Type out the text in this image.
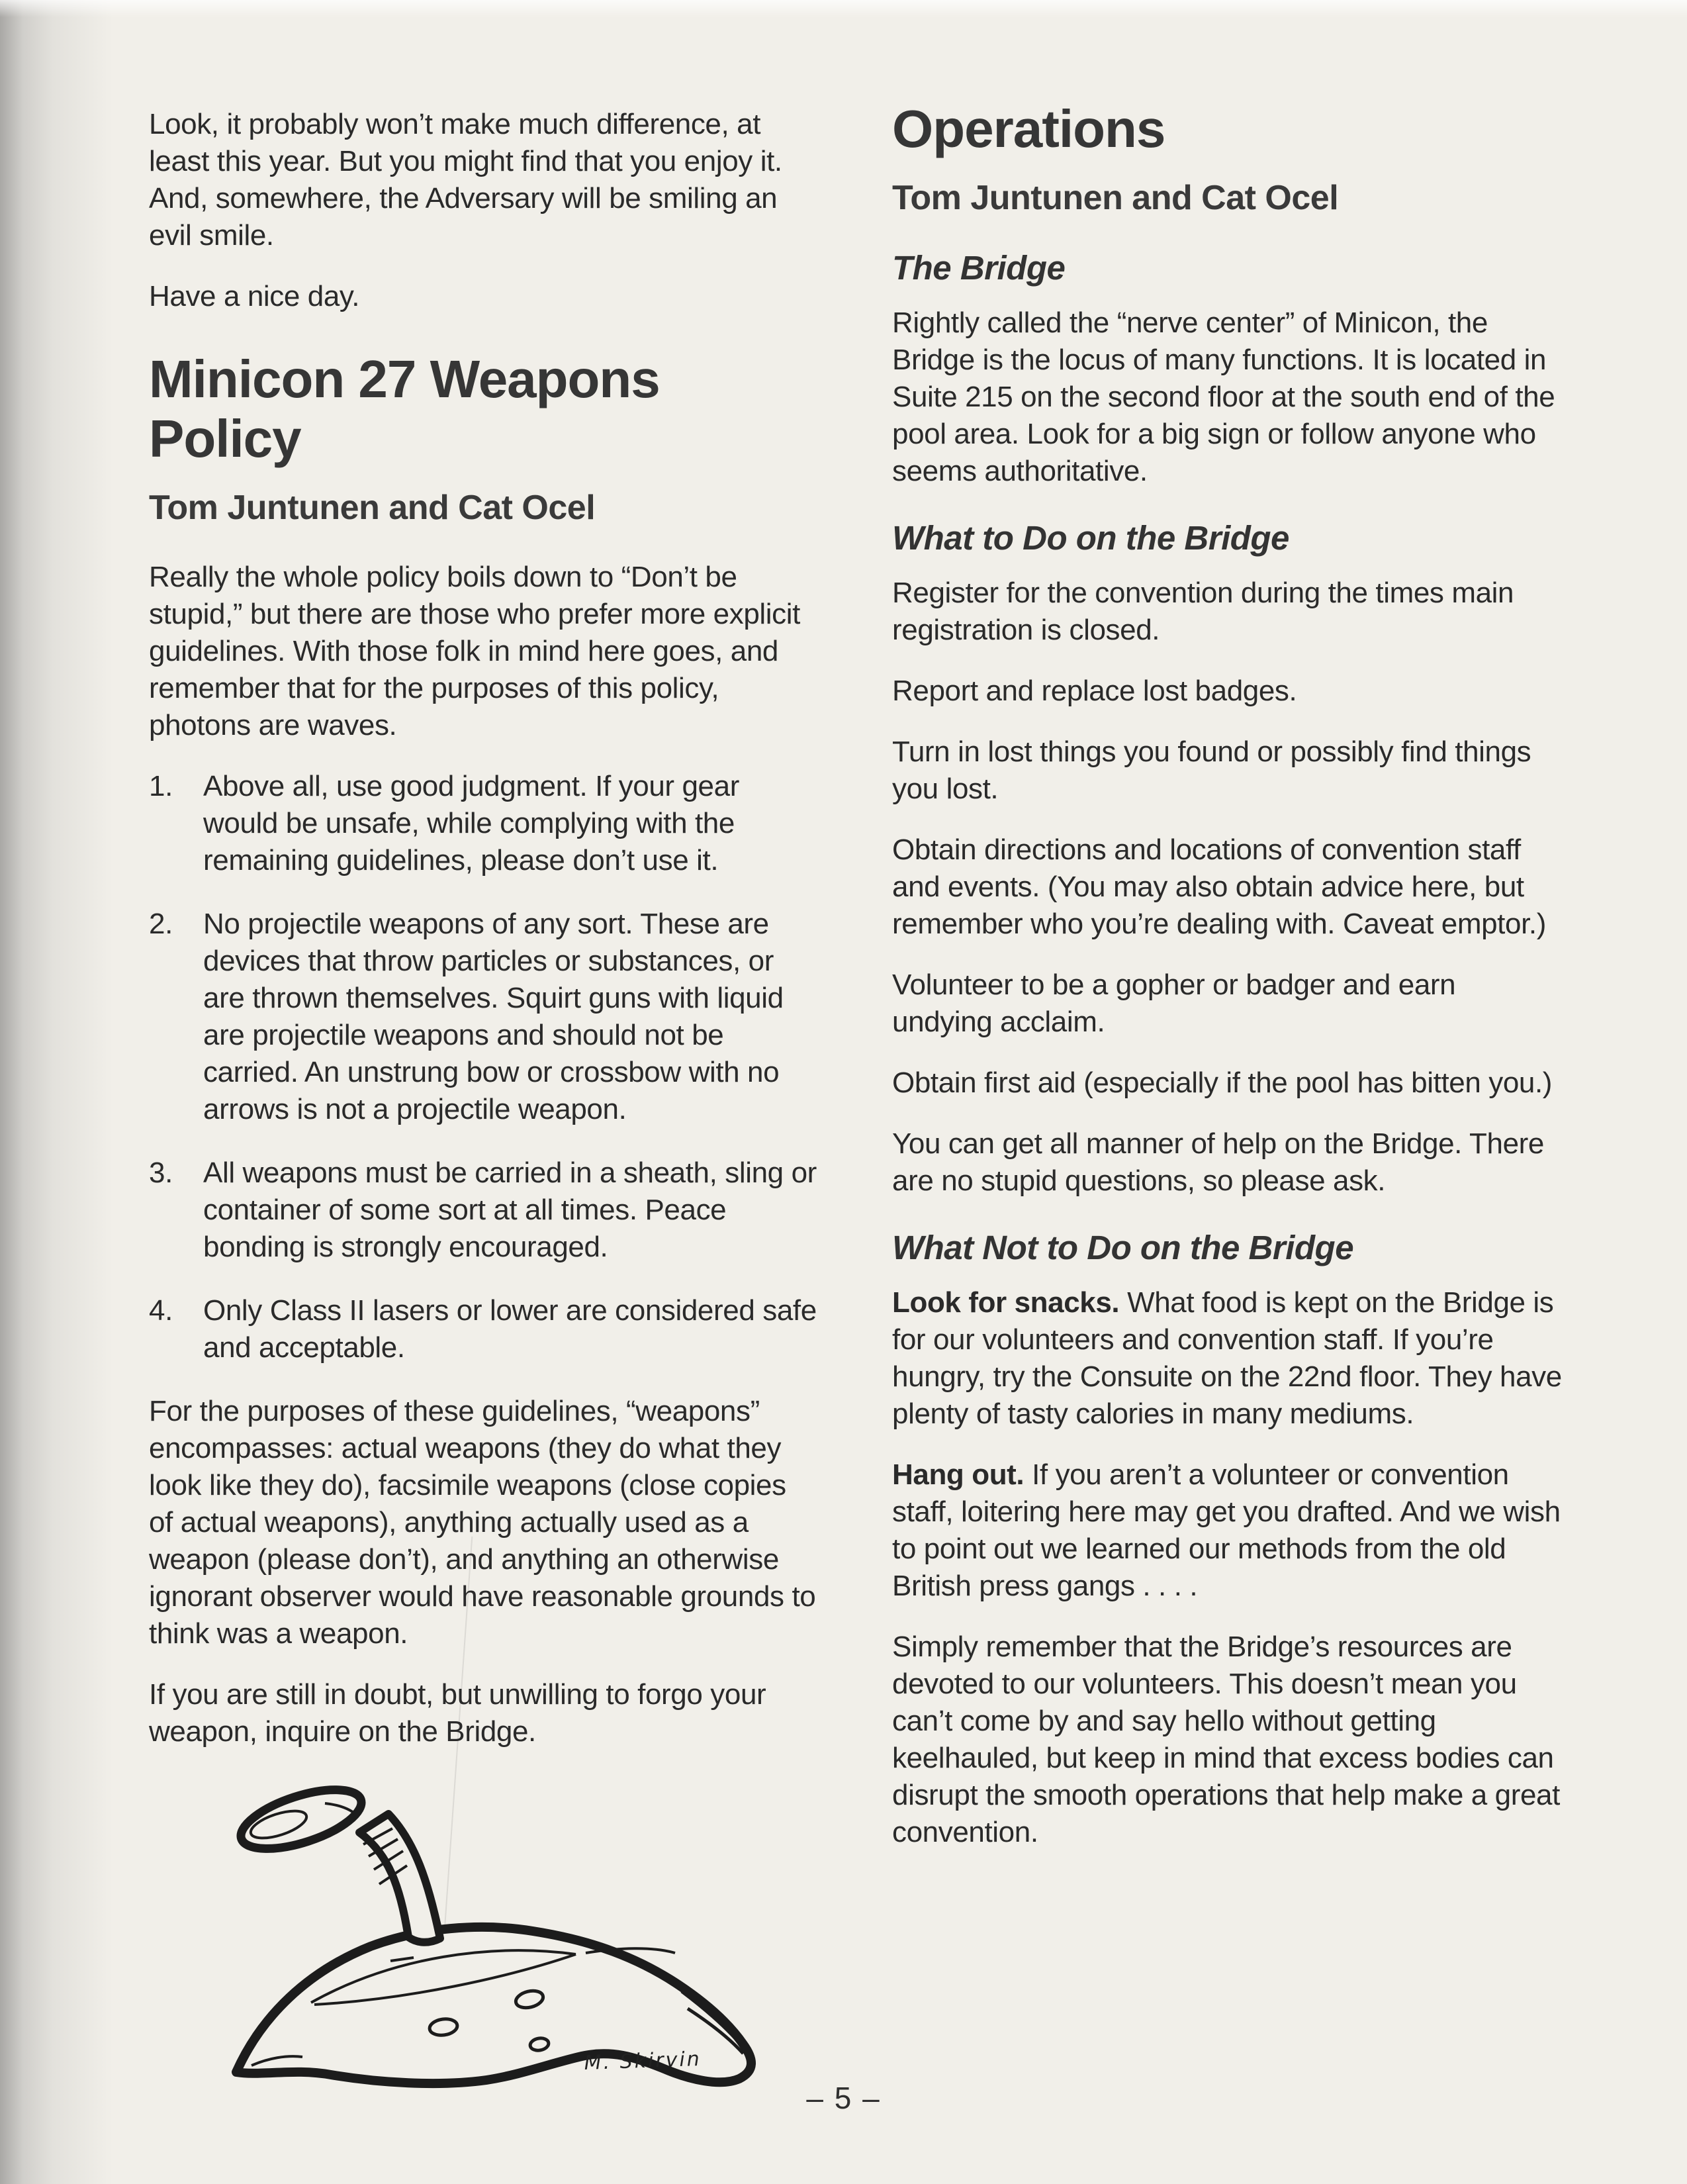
Look, it probably won’t make much difference, at least this year. But you might find that you enjoy it. And, somewhere, the Adversary will be smiling an evil smile.

Have a nice day.

Minicon 27 Weapons Policy
Tom Juntunen and Cat Ocel

Really the whole policy boils down to “Don’t be stupid,” but there are those who prefer more explicit guidelines. With those folk in mind here goes, and remember that for the purposes of this policy, photons are waves.

1.	Above all, use good judgment. If your gear would be unsafe, while complying with the remaining guidelines, please don’t use it.
2.	No projectile weapons of any sort. These are devices that throw particles or substances, or are thrown themselves. Squirt guns with liquid are projectile weapons and should not be carried. An unstrung bow or crossbow with no arrows is not a projectile weapon.
3.	All weapons must be carried in a sheath, sling or container of some sort at all times. Peace bonding is strongly encouraged.
4.	Only Class II lasers or lower are considered safe and acceptable.

For the purposes of these guidelines, “weapons” encompasses: actual weapons (they do what they look like they do), facsimile weapons (close copies of actual weapons), anything actually used as a weapon (please don’t), and anything an otherwise ignorant observer would have reasonable grounds to think was a weapon.

If you are still in doubt, but unwilling to forgo your weapon, inquire on the Bridge.

M. Skirvin
Operations
Tom Juntunen and Cat Ocel
The Bridge

Rightly called the “nerve center” of Minicon, the Bridge is the locus of many functions. It is located in Suite 215 on the second floor at the south end of the pool area. Look for a big sign or follow anyone who seems authoritative.

What to Do on the Bridge

Register for the convention during the times main registration is closed.

Report and replace lost badges.

Turn in lost things you found or possibly find things you lost.

Obtain directions and locations of convention staff and events. (You may also obtain advice here, but remember who you’re dealing with. Caveat emptor.)

Volunteer to be a gopher or badger and earn undying acclaim.

Obtain first aid (especially if the pool has bitten you.)

You can get all manner of help on the Bridge. There are no stupid questions, so please ask.

What Not to Do on the Bridge

Look for snacks. What food is kept on the Bridge is for our volunteers and convention staff. If you’re hungry, try the Consuite on the 22nd floor. They have plenty of tasty calories in many mediums.

Hang out. If you aren’t a volunteer or convention staff, loitering here may get you drafted. And we wish to point out we learned our methods from the old British press gangs . . . .

Simply remember that the Bridge’s resources are devoted to our volunteers. This doesn’t mean you can’t come by and say hello without getting keelhauled, but keep in mind that excess bodies can disrupt the smooth operations that help make a great convention.

– 5 –
